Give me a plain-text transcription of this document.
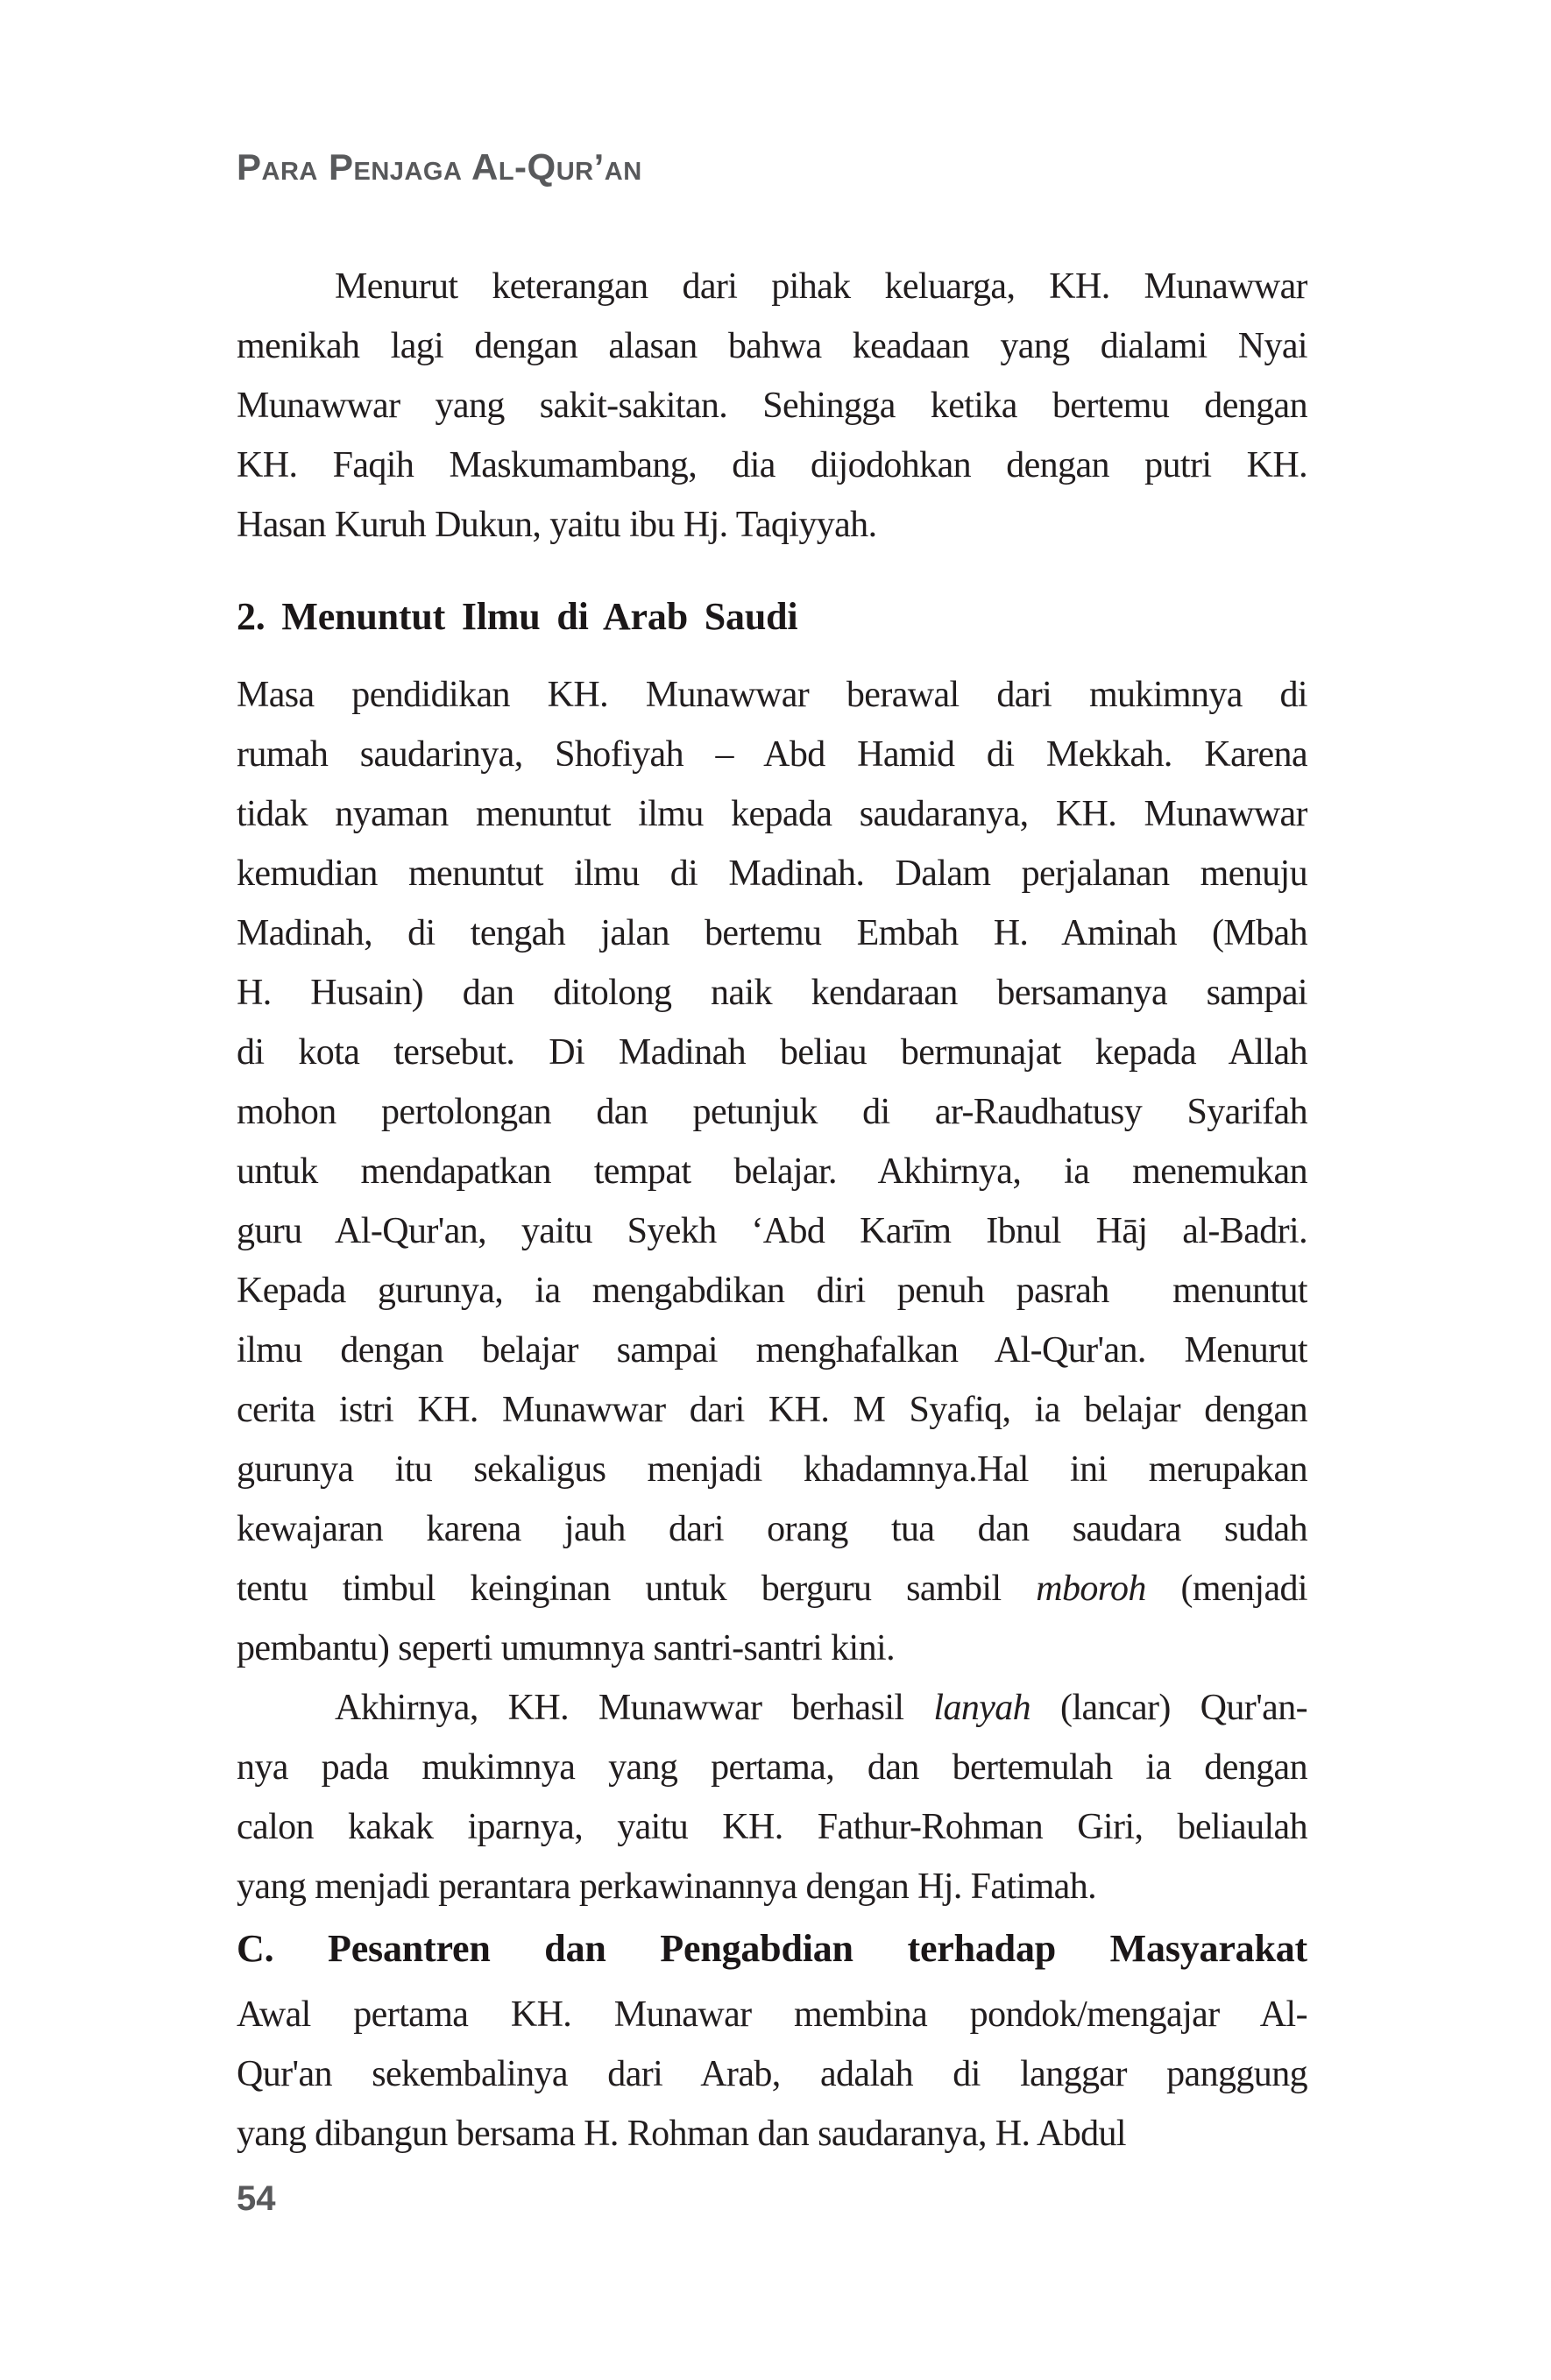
Para Penjaga Al-Qur’an
Menurut keterangan dari pihak keluarga, KH. Munawwar
menikah lagi dengan alasan bahwa keadaan yang dialami Nyai
Munawwar yang sakit-sakitan. Sehingga ketika bertemu dengan
KH. Faqih Maskumambang, dia dijodohkan dengan putri KH.
Hasan Kuruh Dukun, yaitu ibu Hj. Taqiyyah.
2. Menuntut Ilmu di Arab Saudi
Masa pendidikan KH. Munawwar berawal dari mukimnya di
rumah saudarinya, Shofiyah – Abd Hamid di Mekkah. Karena
tidak nyaman menuntut ilmu kepada saudaranya, KH. Munawwar
kemudian menuntut ilmu di Madinah. Dalam perjalanan menuju
Madinah, di tengah jalan bertemu Embah H. Aminah (Mbah
H. Husain) dan ditolong naik kendaraan bersamanya sampai
di kota tersebut. Di Madinah beliau bermunajat kepada Allah
mohon pertolongan dan petunjuk di ar-Raudhatusy Syarifah
untuk mendapatkan tempat belajar. Akhirnya, ia menemukan
guru Al-Qur'an, yaitu Syekh ‘Abd Karīm Ibnul Hāj al-Badri.
Kepada gurunya, ia mengabdikan diri penuh pasrah  menuntut
ilmu dengan belajar sampai menghafalkan Al-Qur'an. Menurut
cerita istri KH. Munawwar dari KH. M Syafiq, ia belajar dengan
gurunya itu sekaligus menjadi khadamnya.Hal ini merupakan
kewajaran karena jauh dari orang tua dan saudara sudah
tentu timbul keinginan untuk berguru sambil mboroh (menjadi
pembantu) seperti umumnya santri-santri kini.
Akhirnya, KH. Munawwar berhasil lanyah (lancar) Qur'an-
nya pada mukimnya yang pertama, dan bertemulah ia dengan
calon kakak iparnya, yaitu KH. Fathur-Rohman Giri, beliaulah
yang menjadi perantara perkawinannya dengan Hj. Fatimah.
C. Pesantren dan Pengabdian terhadap Masyarakat
Awal pertama KH. Munawar membina pondok/mengajar Al-
Qur'an sekembalinya dari Arab, adalah di langgar panggung
yang dibangun bersama H. Rohman dan saudaranya, H. Abdul
54
